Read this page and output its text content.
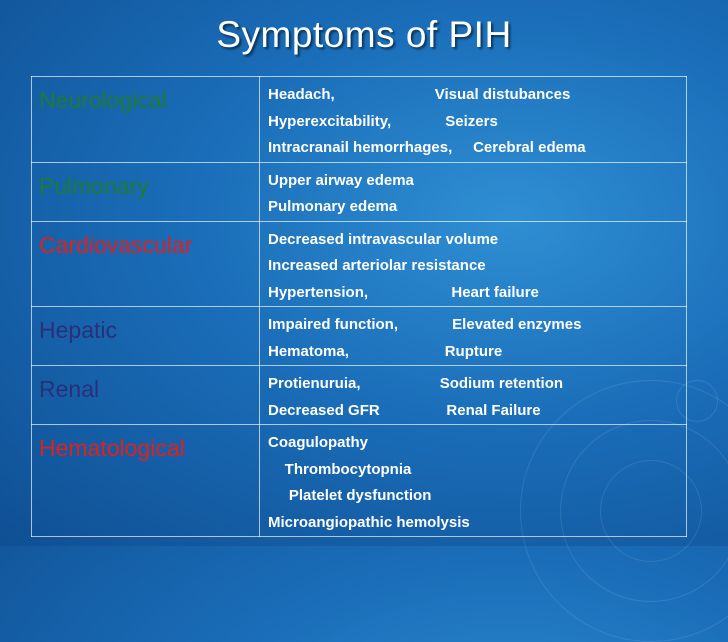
Symptoms of PIH
Neurological	Headach,                        Visual distubances
Hyperexcitability,             Seizers
Intracranail hemorrhages,     Cerebral edema

Pulmonary	Upper airway edema
Pulmonary edema

Cardiovascular	Decreased intravascular volume
Increased arteriolar resistance
Hypertension,                    Heart failure

Hepatic	Impaired function,             Elevated enzymes
Hematoma,                       Rupture

Renal	Protienuruia,                   Sodium retention
Decreased GFR                Renal Failure

Hematological	Coagulopathy
Thrombocytopnia
Platelet dysfunction
Microangiopathic hemolysis
